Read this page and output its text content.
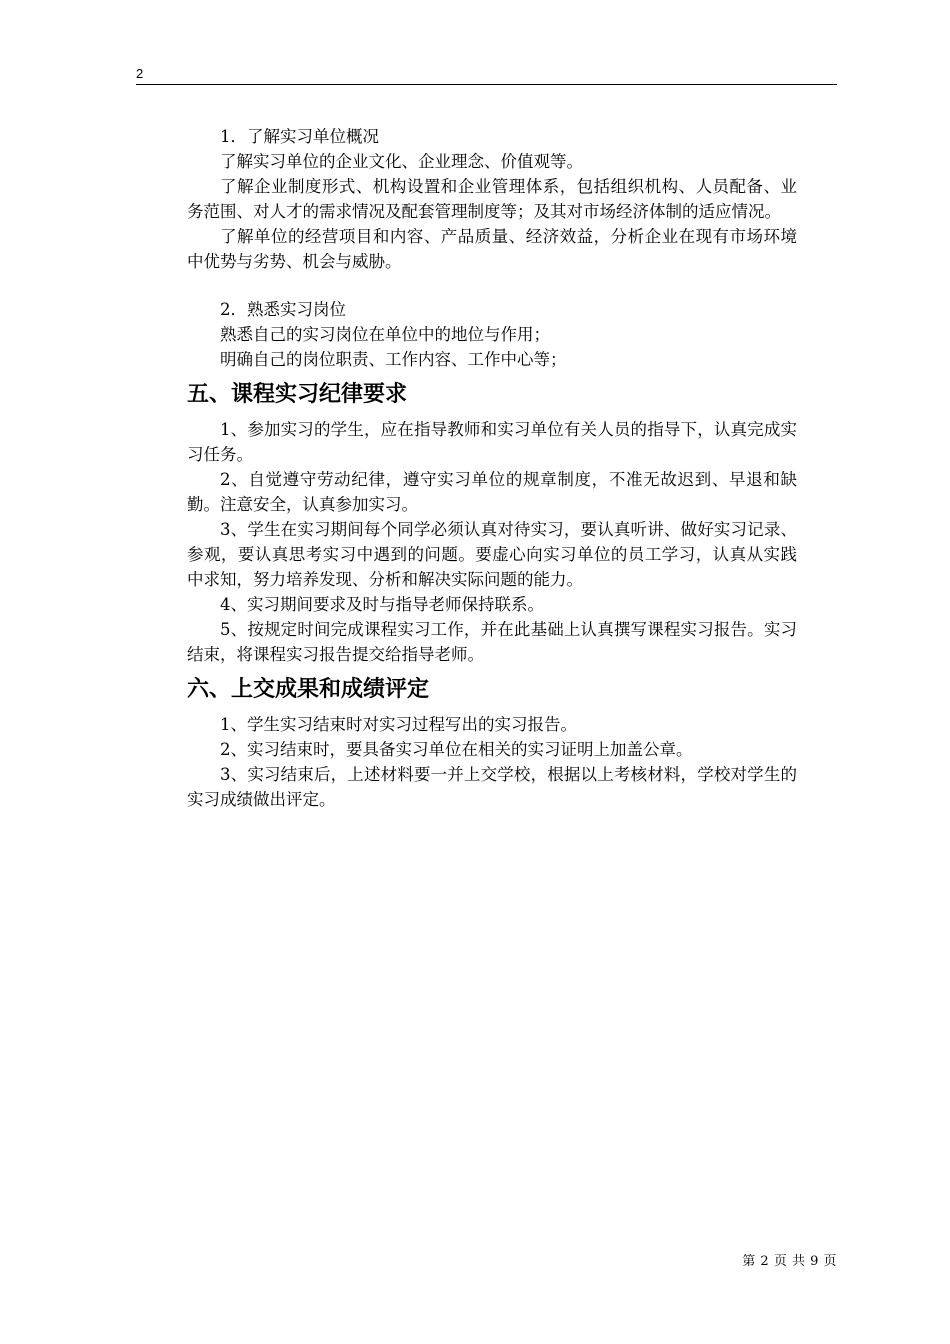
2

1．了解实习单位概况

了解实习单位的企业文化、企业理念、价值观等。

了解企业制度形式、机构设置和企业管理体系，包括组织机构、人员配备、业务范围、对人才的需求情况及配套管理制度等；及其对市场经济体制的适应情况。

了解单位的经营项目和内容、产品质量、经济效益，分析企业在现有市场环境中优势与劣势、机会与威胁。

2．熟悉实习岗位

熟悉自己的实习岗位在单位中的地位与作用；

明确自己的岗位职责、工作内容、工作中心等；

五、课程实习纪律要求

1、参加实习的学生，应在指导教师和实习单位有关人员的指导下，认真完成实习任务。

2、自觉遵守劳动纪律，遵守实习单位的规章制度，不准无故迟到、早退和缺勤。注意安全，认真参加实习。

3、学生在实习期间每个同学必须认真对待实习，要认真听讲、做好实习记录、参观，要认真思考实习中遇到的问题。要虚心向实习单位的员工学习，认真从实践中求知，努力培养发现、分析和解决实际问题的能力。

4、实习期间要求及时与指导老师保持联系。

5、按规定时间完成课程实习工作，并在此基础上认真撰写课程实习报告。实习结束，将课程实习报告提交给指导老师。

六、上交成果和成绩评定

1、学生实习结束时对实习过程写出的实习报告。

2、实习结束时，要具备实习单位在相关的实习证明上加盖公章。

3、实习结束后，上述材料要一并上交学校，根据以上考核材料，学校对学生的实习成绩做出评定。

第 2 页 共 9 页
